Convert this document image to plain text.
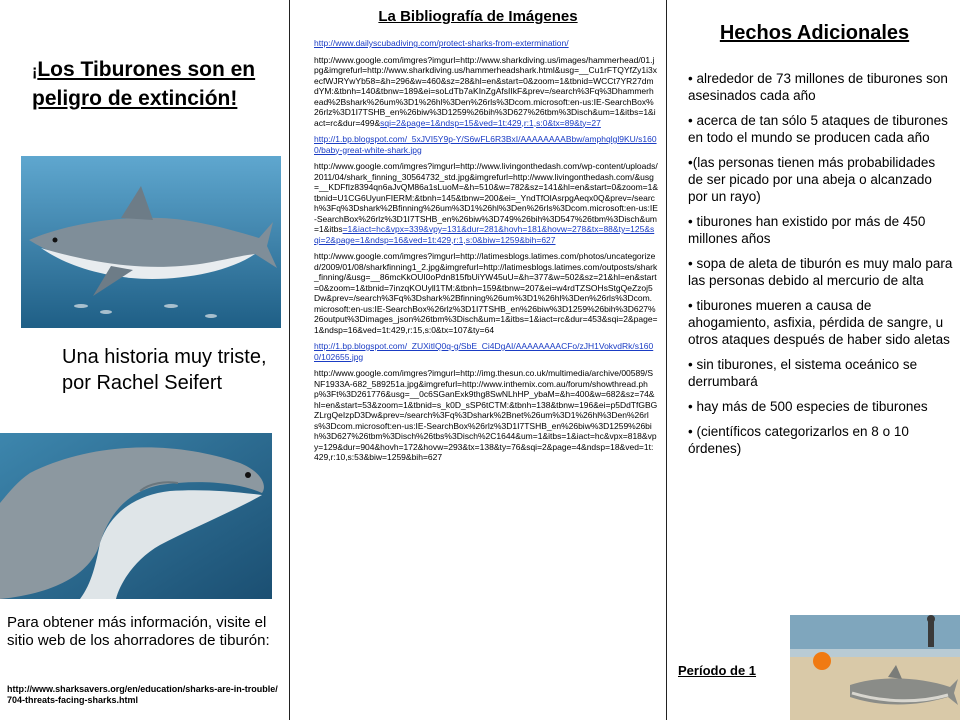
¡Los Tiburones son en peligro de extinción!

Una historia muy triste, por Rachel Seifert

Para obtener más información, visite el sitio web de los ahorradores de tiburón:

http://www.sharksavers.org/en/education/sharks-are-in-trouble/704-threats-facing-sharks.html

La Bibliografía de Imágenes
http://www.dailyscubadiving.com/protect-sharks-from-extermination/
http://www.google.com/imgres?imgurl=http://www.sharkdiving.us/images/hammerhead/01.jpg&imgrefurl=http://www.sharkdiving.us/hammerheadshark.html&usg=__Cu1rFTQYfZy1i3xecfWJRYwYb58=&h=296&w=460&sz=28&hl=en&start=0&zoom=1&tbnid=WCCt7YR27dmdYM:&tbnh=140&tbnw=189&ei=soLdTb7aKInZgAfsIIkF&prev=/search%3Fq%3Dhammerhead%2Bshark%26um%3D1%26hl%3Den%26rls%3Dcom.microsoft:en-us:IE-SearchBox%26rlz%3D1I7TSHB_en%26biw%3D1259%26bih%3D627%26tbm%3Disch&um=1&itbs=1&iact=rc&dur=499&sqi=2&page=1&ndsp=15&ved=1t:429,r:1,s:0&tx=89&ty=27
http://1.bp.blogspot.com/_5xJVI5Y9p-Y/S6wFL6R3BxI/AAAAAAAABbw/amphqlgl9KU/s1600/baby-great-white-shark.jpg
http://www.google.com/imgres?imgurl=http://www.livingonthedash.com/wp-content/uploads/2011/04/shark_finning_30564732_std.jpg&imgrefurl=http://www.livingonthedash.com/&usg=__KDFfIz8394qn6aJvQM86a1sLuoM=&h=510&w=782&sz=141&hl=en&start=0&zoom=1&tbnid=U1CG6UyunFIERM:&tbnh=145&tbnw=200&ei=_YndTfOlAsrpgAeqx0Q&prev=/search%3Fq%3Dshark%2Bfinning%26um%3D1%26hl%3Den%26rls%3Dcom.microsoft:en-us:IE-SearchBox%26rlz%3D1I7TSHB_en%26biw%3D749%26bih%3D547%26tbm%3Disch&um=1&itbs=1&iact=hc&vpx=339&vpy=131&dur=281&hovh=181&hovw=278&tx=88&ty=125&sqi=2&page=1&ndsp=16&ved=1t:429,r:1,s:0&biw=1259&bih=627
http://www.google.com/imgres?imgurl=http://latimesblogs.latimes.com/photos/uncategorized/2009/01/08/sharkfinning1_2.jpg&imgrefurl=http://latimesblogs.latimes.com/outposts/shark_finning/&usg=__86mcKkOUI0oPdn815fbUiYW45uU=&h=377&w=502&sz=21&hl=en&start=0&zoom=1&tbnid=7inzqKOUyll1TM:&tbnh=159&tbnw=207&ei=w4rdTZSOHsStgQeZzoj5Dw&prev=/search%3Fq%3Dshark%2Bfinning%26um%3D1%26hl%3Den%26rls%3Dcom.microsoft:en-us:IE-SearchBox%26rlz%3D1I7TSHB_en%26biw%3D1259%26bih%3D627%26output%3Dimages_json%26tbm%3Disch&um=1&itbs=1&iact=rc&dur=453&sqi=2&page=1&ndsp=16&ved=1t:429,r:15,s:0&tx=107&ty=64
http://1.bp.blogspot.com/_ZUXitlQ0q-g/SbE_Ci4DgAI/AAAAAAAACFo/zJH1VokvdRk/s1600/102655.jpg
http://www.google.com/imgres?imgurl=http://img.thesun.co.uk/multimedia/archive/00589/SNF1933A-682_589251a.jpg&imgrefurl=http://www.inthemix.com.au/forum/showthread.php%3Ft%3D261776&usg=__0c6SGanExk9thg8SwNLhHP_ybaM=&h=400&w=682&sz=74&hl=en&start=53&zoom=1&tbnid=s_k0D_sSP6tCTM:&tbnh=138&tbnw=196&ei=p5DdTfGBGZLrgQeIzpD3Dw&prev=/search%3Fq%3Dshark%2Bnet%26um%3D1%26hl%3Den%26rls%3Dcom.microsoft:en-us:IE-SearchBox%26rlz%3D1I7TSHB_en%26biw%3D1259%26bih%3D627%26tbm%3Disch%26tbs%3Disch%2C1644&um=1&itbs=1&iact=hc&vpx=818&vpy=129&dur=904&hovh=172&hovw=293&tx=138&ty=76&sqi=2&page=4&ndsp=18&ved=1t:429,r:10,s:53&biw=1259&bih=627
Hechos Adicionales
• alrededor de 73 millones de tiburones son asesinados cada año
• acerca de tan sólo 5 ataques de tiburones en todo el mundo se producen cada año
•(las personas tienen más probabilidades de ser picado por una abeja o alcanzado por un rayo)
• tiburones han existido por más de 450 millones años
• sopa de aleta de tiburón es muy malo para las personas debido al mercurio de alta
• tiburones mueren a causa de ahogamiento, asfixia, pérdida de sangre, u otros ataques después de haber sido aletas
• sin tiburones, el sistema oceánico se derrumbará
• hay más de 500 especies de tiburones
• (científicos categorizarlos en 8 o 10 órdenes)

Período de 1
